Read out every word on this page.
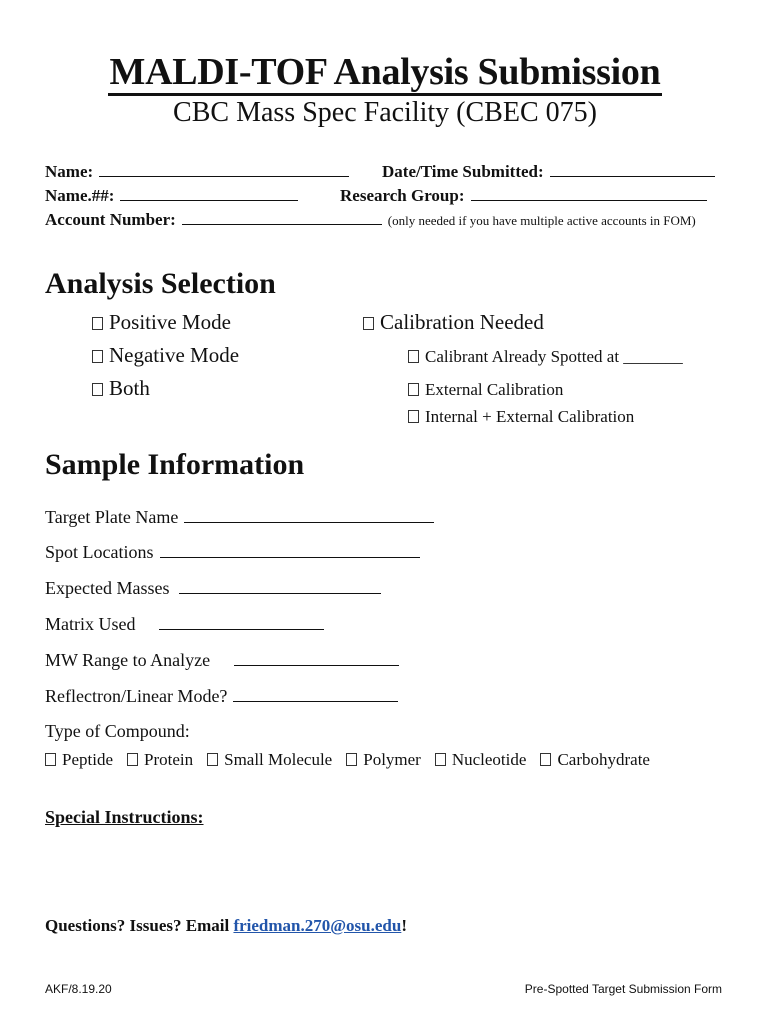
MALDI-TOF Analysis Submission
CBC Mass Spec Facility (CBEC 075)
Name:	Date/Time Submitted:
Name.##:	Research Group:
Account Number:	(only needed if you have multiple active accounts in FOM)
Analysis Selection
Positive Mode
Negative Mode
Both
Calibration Needed
Calibrant Already Spotted at _______
External Calibration
Internal + External Calibration
Sample Information
Target Plate Name
Spot Locations
Expected Masses
Matrix Used
MW Range to Analyze
Reflectron/Linear Mode?
Type of Compound:
Peptide Protein Small Molecule Polymer Nucleotide Carbohydrate
Special Instructions:
Questions? Issues? Email friedman.270@osu.edu!
AKF/8.19.20	Pre-Spotted Target Submission Form
